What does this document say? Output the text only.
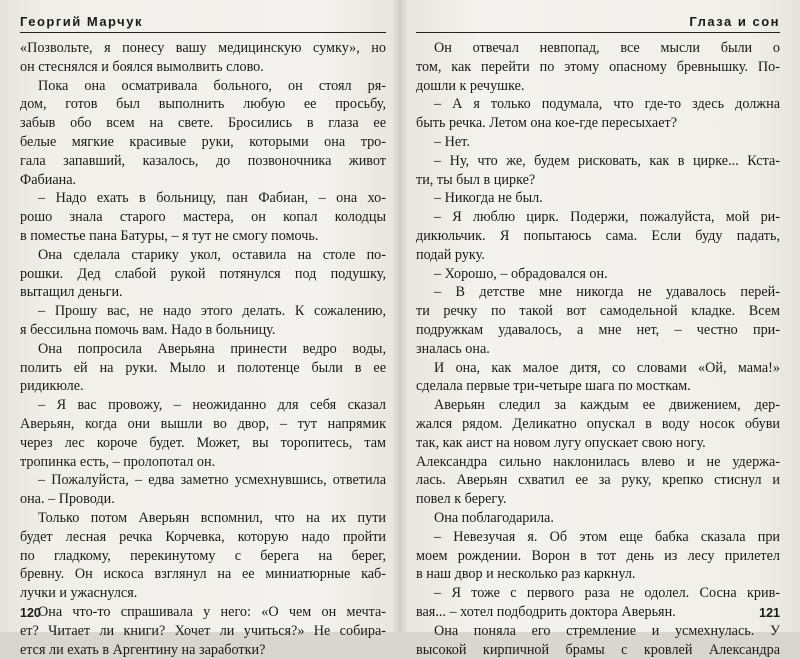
Георгий Марчук
«Позвольте, я понесу вашу медицинскую сумку», но
он стеснялся и боялся вымолвить слово.
Пока она осматривала больного, он стоял ря-
дом, готов был выполнить любую ее просьбу,
забыв обо всем на свете. Бросились в глаза ее
белые мягкие красивые руки, которыми она тро-
гала запавший, казалось, до позвоночника живот
Фабиана.
– Надо ехать в больницу, пан Фабиан, – она хо-
рошо знала старого мастера, он копал колодцы
в поместье пана Батуры, – я тут не смогу помочь.
Она сделала старику укол, оставила на столе по-
рошки. Дед слабой рукой потянулся под подушку,
вытащил деньги.
– Прошу вас, не надо этого делать. К сожалению,
я бессильна помочь вам. Надо в больницу.
Она попросила Аверьяна принести ведро воды,
полить ей на руки. Мыло и полотенце были в ее
ридикюле.
– Я вас провожу, – неожиданно для себя сказал
Аверьян, когда они вышли во двор, – тут напрямик
через лес короче будет. Может, вы торопитесь, там
тропинка есть, – пролопотал он.
– Пожалуйста, – едва заметно усмехнувшись, ответила
она. – Проводи.
Только потом Аверьян вспомнил, что на их пути
будет лесная речка Корчевка, которую надо пройти
по гладкому, перекинутому с берега на берег,
бревну. Он искоса взглянул на ее миниатюрные каб-
лучки и ужаснулся.
Она что-то спрашивала у него: «О чем он мечта-
ет? Читает ли книги? Хочет ли учиться?» Не собира-
ется ли ехать в Аргентину на заработки?
120
Глаза и сон
Он отвечал невпопад, все мысли были о
том, как перейти по этому опасному бревнышку. По-
дошли к речушке.
– А я только подумала, что где-то здесь должна
быть речка. Летом она кое-где пересыхает?
– Нет.
– Ну, что же, будем рисковать, как в цирке... Кста-
ти, ты был в цирке?
– Никогда не был.
– Я люблю цирк. Подержи, пожалуйста, мой ри-
дикюльчик. Я попытаюсь сама. Если буду падать,
подай руку.
– Хорошо, – обрадовался он.
– В детстве мне никогда не удавалось перей-
ти речку по такой вот самодельной кладке. Всем
подружкам удавалось, а мне нет, – честно при-
зналась она.
И она, как малое дитя, со словами «Ой, мама!»
сделала первые три-четыре шага по мосткам.
Аверьян следил за каждым ее движением, дер-
жался рядом. Деликатно опускал в воду носок обуви
так, как аист на новом лугу опускает свою ногу.
Александра сильно наклонилась влево и не удержа-
лась. Аверьян схватил ее за руку, крепко стиснул и
повел к берегу.
Она поблагодарила.
– Невезучая я. Об этом еще бабка сказала при
моем рождении. Ворон в тот день из лесу прилетел
в наш двор и несколько раз каркнул.
– Я тоже с первого раза не одолел. Сосна крив-
вая... – хотел подбодрить доктора Аверьян.
Она поняла его стремление и усмехнулась. У
высокой кирпичной брамы с кровлей Александра
121
